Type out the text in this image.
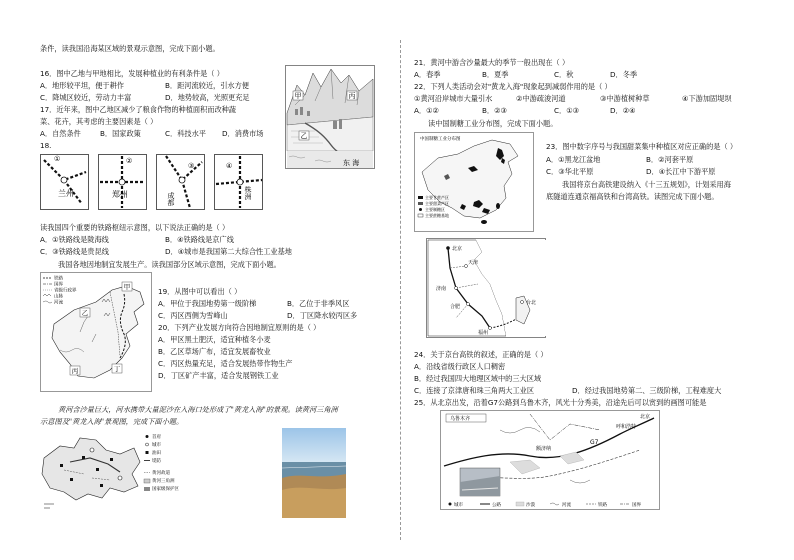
条件，读我国沿海某区域的景观示意图，完成下面小题。
16．图中乙地与甲地相比，发展种植业的有利条件是（ ）
A．地形较平坦，便于耕作	B．距河流较近，引水方便
C．降城区较近，劳动力丰富	D．地势较高，光照更充足
17．近年来，图中乙地区减少了粮食作物的种植面积而改种蔬
菜、花卉，其考虑的主要因素是（ ）
A．自然条件	B．国家政策	C．科技水平 D．消费市场
18.
甲	丙
乙
东 海
①
兰州
②
郑州
③
成都
④
株洲
读我国四个重要的铁路枢纽示意图，以下说法正确的是（ ）
A．①铁路线是陇海线	B．④铁路线是京广线
C．③铁路线是贵昆线	D．④城市是我国第二大综合性工业基地
我国各地因地制宜发展生产。读我国部分区域示意图，完成下面小题。
铁路
国界
省级行政界
山脉
河流
甲
乙
丙	丁
19．从图中可以看出（ ）
A．甲位于我国地势第一级阶梯	B．乙位于非季风区
C．丙区西侧为雪峰山	D．丁区降水较丙区多
20．下列产业发展方向符合因地制宜原则的是（ ）
A．甲区黑土肥沃，适宜种植冬小麦
B．乙区草场广布，适宜发展畜牧业
C．丙区热量充足，适合发展热带作物生产
D．丁区矿产丰富，适合发展钢铁工业
黄河含沙量巨大，河水携带大量泥沙在入海口处形成了"黄龙入海"的景观。读黄河三角洲
示意图及"黄龙入海"景观图，完成下面小题。
首府
城市
油田
堤防
黄河故道
黄河三角洲
国家级保护区
21．黄河中游含沙量最大的季节一般出现在（ ）
A．春季	B．夏季	C．秋	D．冬季
22．下列人类活动会对"黄龙入海"现象起到减弱作用的是（ ）
①黄河沿岸城市大量引水	②中游疏浚河道	③中游植树种草	④下游加固堤坝
A．①②	B．②③	C．①③	D．②④
读中国制糖工业分布图，完成下面小题。
中国制糖工业分布图
主要甘蔗产区
主要甜菜产区
主要制糖区
主要蔗糖基地
23．图中数字序号与我国甜菜集中种植区对应正确的是（ ）
A．①黑龙江盆地	B．②河套平原
C．③华北平原	D．④长江中下游平原
我国将京台高铁建设纳入《十三五规划》，计划采用海
底隧道连通京福高铁和台湾高铁。读图完成下面小题。
北京
天津
济南
合肥
福州
台北
24．关于京台高铁的叙述，正确的是（ ）
A．沿线省级行政区人口稠密
B．经过我国四大地理区域中的三大区域
C．连接了京津唐和珠三角两大工业区	D．经过我国地势第二、三级阶梯，工程难度大
25．从北京出发，沿着G7公路到乌鲁木齐，风光十分秀美，沿途先后可以赏到的画图可能是
乌鲁木齐
G7
呼和浩特
北京
额济纳
城市	公路	沙漠	河流	铁路	国界
